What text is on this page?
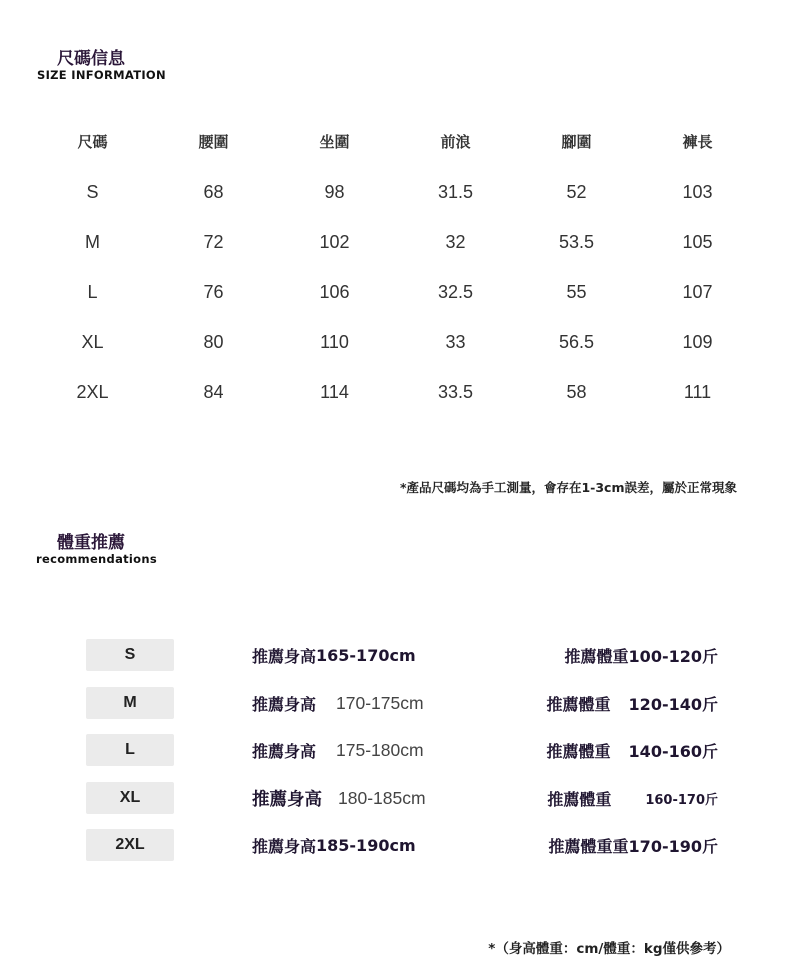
尺碼信息
SIZE INFORMATION
尺碼	腰圍	坐圍	前浪	腳圍	褲長
S	68	98	31.5	52	103
M	72	102	32	53.5	105
L	76	106	32.5	55	107
XL	80	110	33	56.5	109
2XL	84	114	33.5	58	111
*產品尺碼均為手工測量，會存在1-3cm誤差，屬於正常現象
體重推薦
recommendations
S	推薦身高 165-170cm	推薦體重 100-120斤
M	推薦身高 170-175cm	推薦體重 120-140斤
L	推薦身高 175-180cm	推薦體重 140-160斤
XL	推薦身高 180-185cm	推薦體重	160-170斤
2XL	推薦身高 185-190cm	推薦體重重 170-190斤
*（身高體重：cm/體重：kg僅供參考）
